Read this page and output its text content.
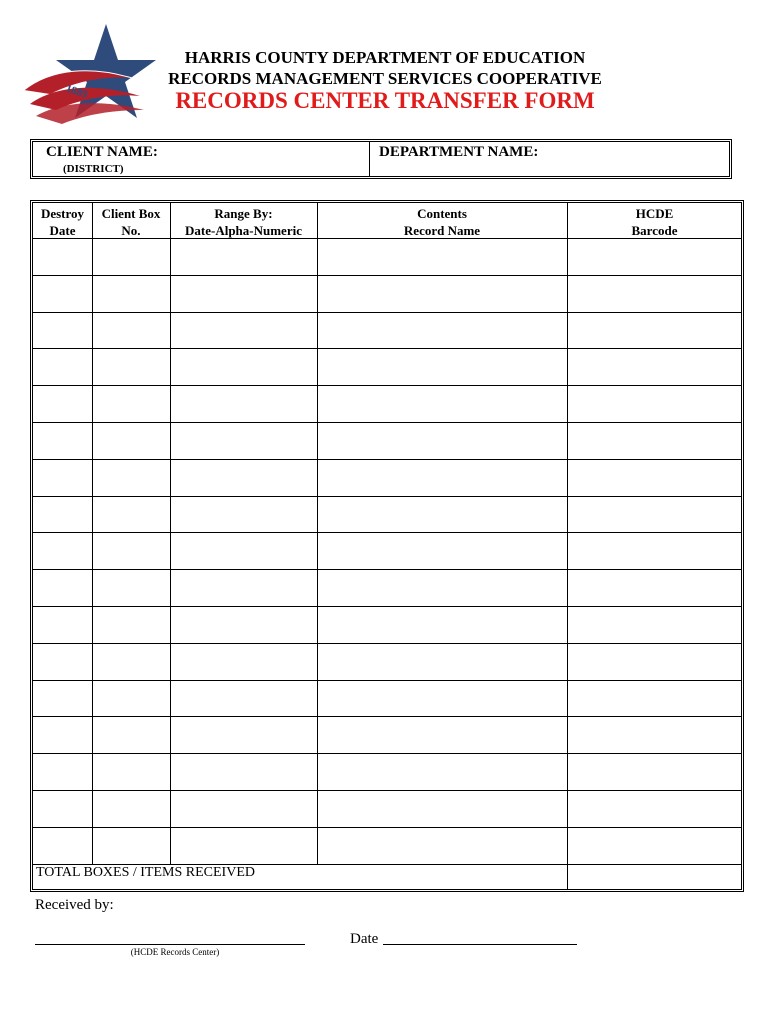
1889
HARRIS COUNTY DEPARTMENT OF EDUCATION
RECORDS MANAGEMENT SERVICES COOPERATIVE
RECORDS CENTER TRANSFER FORM
CLIENT NAME:
(DISTRICT)
DEPARTMENT NAME:
Destroy
Date
Client Box
No.
Range By:
Date-Alpha-Numeric
Contents
Record Name
HCDE
Barcode
TOTAL BOXES / ITEMS RECEIVED
Received by:
(HCDE Records Center)
Date
